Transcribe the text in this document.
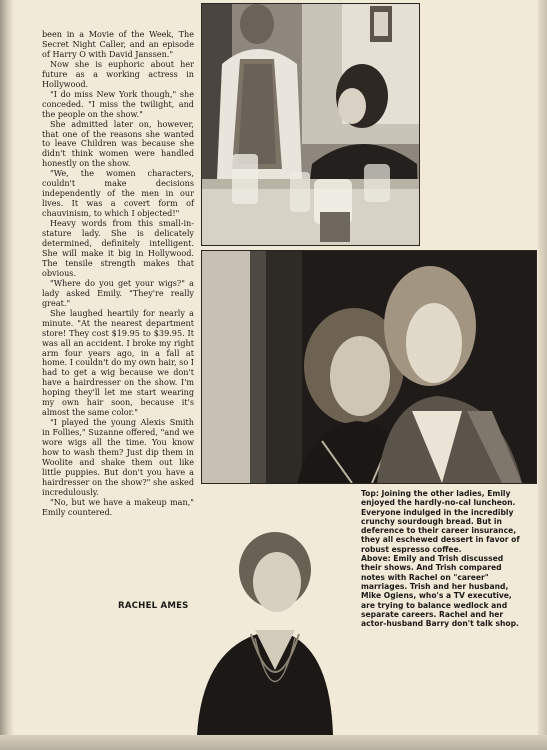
been in a Movie of the Week, The Secret Night Caller, and an episode of Harry O with David Janssen."

Now she is euphoric about her future as a working actress in Hollywood.

"I do miss New York though," she conceded. "I miss the twilight, and the people on the show."

She admitted later on, however, that one of the reasons she wanted to leave Children was because she didn't think women were handled honestly on the show.

"We, the women characters, couldn't make decisions independently of the men in our lives. It was a covert form of chauvinism, to which I objected!"

Heavy words from this small-in-stature lady. She is delicately determined, definitely intelligent. She will make it big in Hollywood. The tensile strength makes that obvious.

"Where do you get your wigs?" a lady asked Emily. "They're really great."

She laughed heartily for nearly a minute. "At the nearest department store! They cost $19.95 to $39.95. It was all an accident. I broke my right arm four years ago, in a fall at home. I couldn't do my own hair, so I had to get a wig because we don't have a hairdresser on the show. I'm hoping they'll let me start wearing my own hair soon, because it's almost the same color."

"I played the young Alexis Smith in Follies," Suzanne offered, "and we wore wigs all the time. You know how to wash them? Just dip them in Woolite and shake them out like little puppies. But don't you have a hairdresser on the show?" she asked incredulously.

"No, but we have a makeup man," Emily countered.

RACHEL AMES

Top: Joining the other ladies, Emily enjoyed the hardly-no-cal luncheon. Everyone indulged in the incredibly crunchy sourdough bread. But in deference to their career insurance, they all eschewed dessert in favor of robust espresso coffee.

Above: Emily and Trish discussed their shows. And Trish compared notes with Rachel on "career" marriages. Trish and her husband, Mike Ogiens, who's a TV executive, are trying to balance wedlock and separate careers. Rachel and her actor-husband Barry don't talk shop.
